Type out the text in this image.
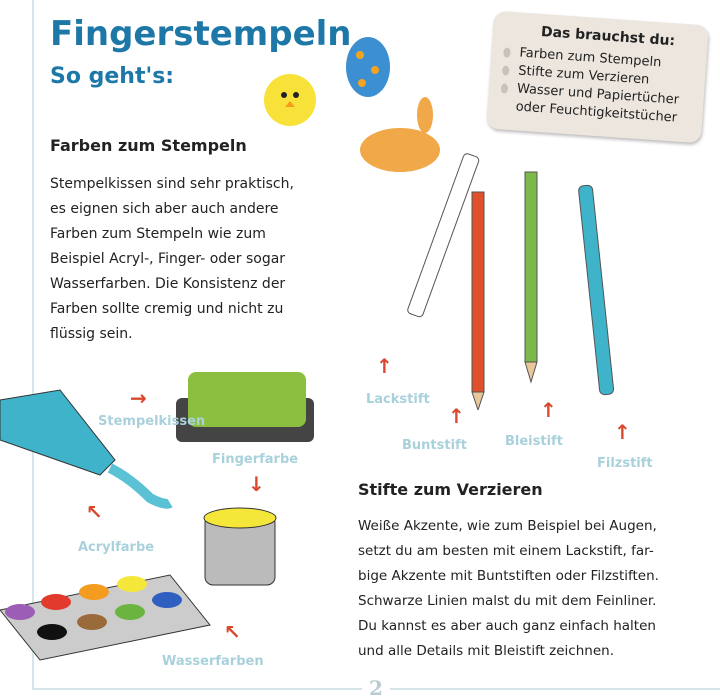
2
Fingerstempeln
So geht's:
Farben zum Stempeln
Stempelkissen sind sehr praktisch,
es eignen sich aber auch andere
Farben zum Stempeln wie zum
Beispiel Acryl-, Finger- oder sogar
Wasserfarben. Die Konsistenz der
Farben sollte cremig und nicht zu
flüssig sein.
Das brauchst du:
Farben zum Stempeln
Stifte zum Verzieren
Wasser und Papiertücher oder Feuchtigkeitstücher
Lackstift
Buntstift	Bleistift
Filzstift
↑
↑	↑
↑
Stempelkissen
Fingerfarbe
Acrylfarbe
Wasserfarben
→
↓
↖
↖
Stifte zum Verzieren
Weiße Akzente, wie zum Beispiel bei Augen,
setzt du am besten mit einem Lackstift, far-
bige Akzente mit Buntstiften oder Filzstiften.
Schwarze Linien malst du mit dem Feinliner.
Du kannst es aber auch ganz einfach halten
und alle Details mit Bleistift zeichnen.
